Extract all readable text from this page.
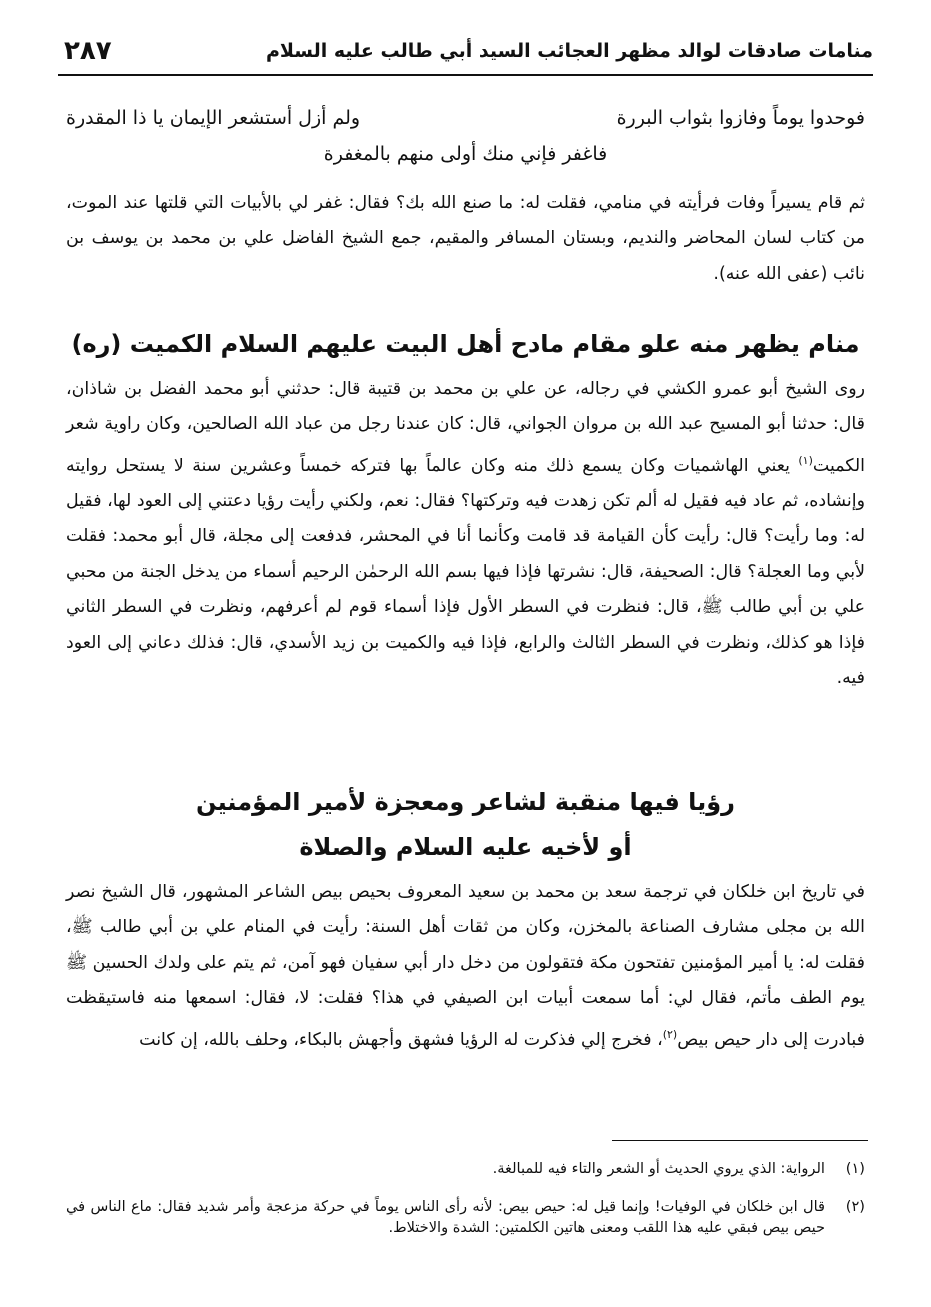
منامات صادقات لوالد مظهر العجائب السيد أبي طالب عليه السلام
٢٨٧
فوحدوا يوماً وفازوا بثواب البررة
ولم أزل أستشعر الإيمان يا ذا المقدرة
فاغفر فإني منك أولى منهم بالمغفرة
ثم قام يسيراً وفات فرأيته في منامي، فقلت له: ما صنع الله بك؟ فقال: غفر لي بالأبيات التي قلتها عند الموت، من كتاب لسان المحاضر والنديم، وبستان المسافر والمقيم، جمع الشيخ الفاضل علي بن محمد بن يوسف بن نائب (عفى الله عنه).
منام يظهر منه علو مقام مادح أهل البيت عليهم السلام الكميت (ره)
روى الشيخ أبو عمرو الكشي في رجاله، عن علي بن محمد بن قتيبة قال: حدثني أبو محمد الفضل بن شاذان، قال: حدثنا أبو المسيح عبد الله بن مروان الجواني، قال: كان عندنا رجل من عباد الله الصالحين، وكان راوية شعر الكميت$^{(١)}$ يعني الهاشميات وكان يسمع ذلك منه وكان عالماً بها فتركه خمساً وعشرين سنة لا يستحل روايته وإنشاده، ثم عاد فيه فقيل له ألم تكن زهدت فيه وتركتها؟ فقال: نعم، ولكني رأيت رؤيا دعتني إلى العود لها، فقيل له: وما رأيت؟ قال: رأيت كأن القيامة قد قامت وكأنما أنا في المحشر، فدفعت إلى مجلة، قال أبو محمد: فقلت لأبي وما العجلة؟ قال: الصحيفة، قال: نشرتها فإذا فيها بسم الله الرحمٰن الرحيم أسماء من يدخل الجنة من محبي علي بن أبي طالب ﷺ، قال: فنظرت في السطر الأول فإذا أسماء قوم لم أعرفهم، ونظرت في السطر الثاني فإذا هو كذلك، ونظرت في السطر الثالث والرابع، فإذا فيه والكميت بن زيد الأسدي، قال: فذلك دعاني إلى العود فيه.
رؤيا فيها منقبة لشاعر ومعجزة لأمير المؤمنين
أو لأخيه عليه السلام والصلاة
في تاريخ ابن خلكان في ترجمة سعد بن محمد بن سعيد المعروف بحيص بيص الشاعر المشهور، قال الشيخ نصر الله بن مجلى مشارف الصناعة بالمخزن، وكان من ثقات أهل السنة: رأيت في المنام علي بن أبي طالب ﷺ، فقلت له: يا أمير المؤمنين تفتحون مكة فتقولون من دخل دار أبي سفيان فهو آمن، ثم يتم على ولدك الحسين ﷺ يوم الطف مأتم، فقال لي: أما سمعت أبيات ابن الصيفي في هذا؟ فقلت: لا، فقال: اسمعها منه فاستيقظت فبادرت إلى دار حيص بيص$^{(٢)}$، فخرج إلي فذكرت له الرؤيا فشهق وأجهش بالبكاء، وحلف بالله، إن كانت
(١)
الرواية: الذي يروي الحديث أو الشعر والتاء فيه للمبالغة.
(٢)
قال ابن خلكان في الوفيات! وإنما قيل له: حيص بيص: لأنه رأى الناس يوماً في حركة مزعجة وأمر شديد فقال: ماع الناس في حيص بيص فبقي عليه هذا اللقب ومعنى هاتين الكلمتين: الشدة والاختلاط.
